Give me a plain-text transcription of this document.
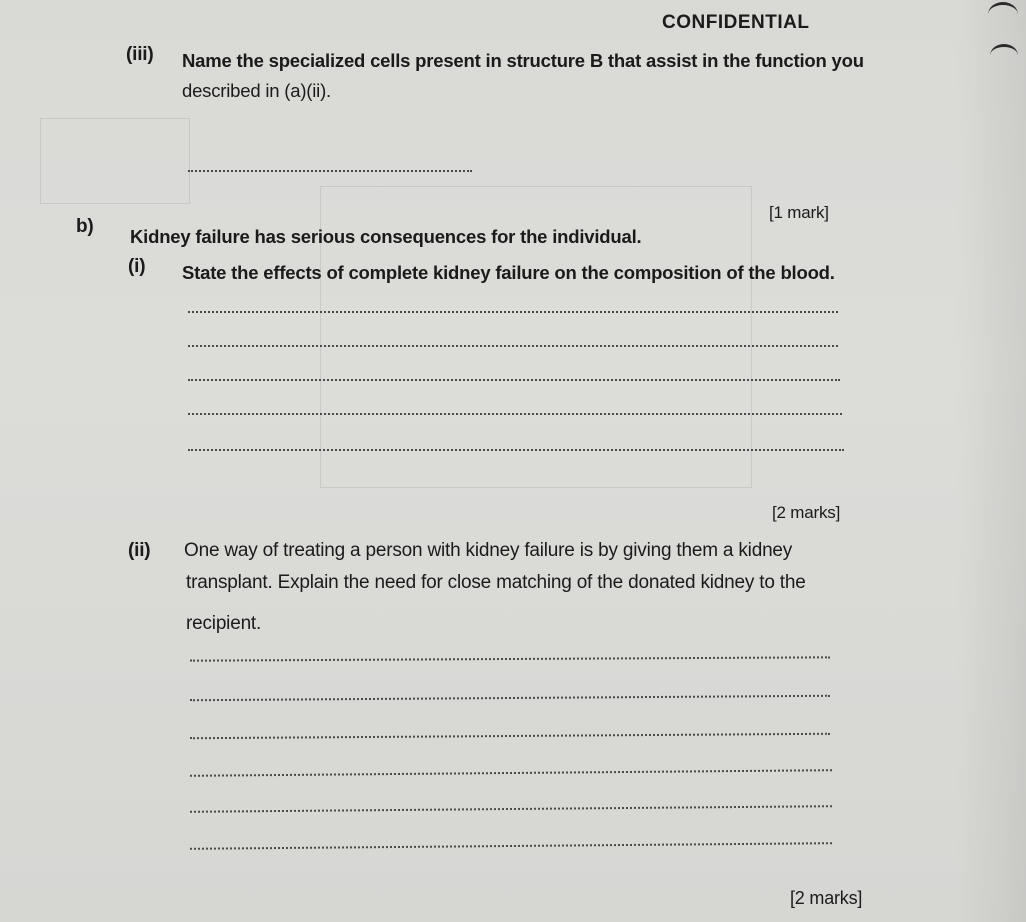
CONFIDENTIAL
(iii) Name the specialized cells present in structure B that assist in the function you
described in (a)(ii).
[1 mark]
b) Kidney failure has serious consequences for the individual.
(i) State the effects of complete kidney failure on the composition of the blood.
[2 marks]
(ii) One way of treating a person with kidney failure is by giving them a kidney
transplant. Explain the need for close matching of the donated kidney to the
recipient.
[2 marks]
